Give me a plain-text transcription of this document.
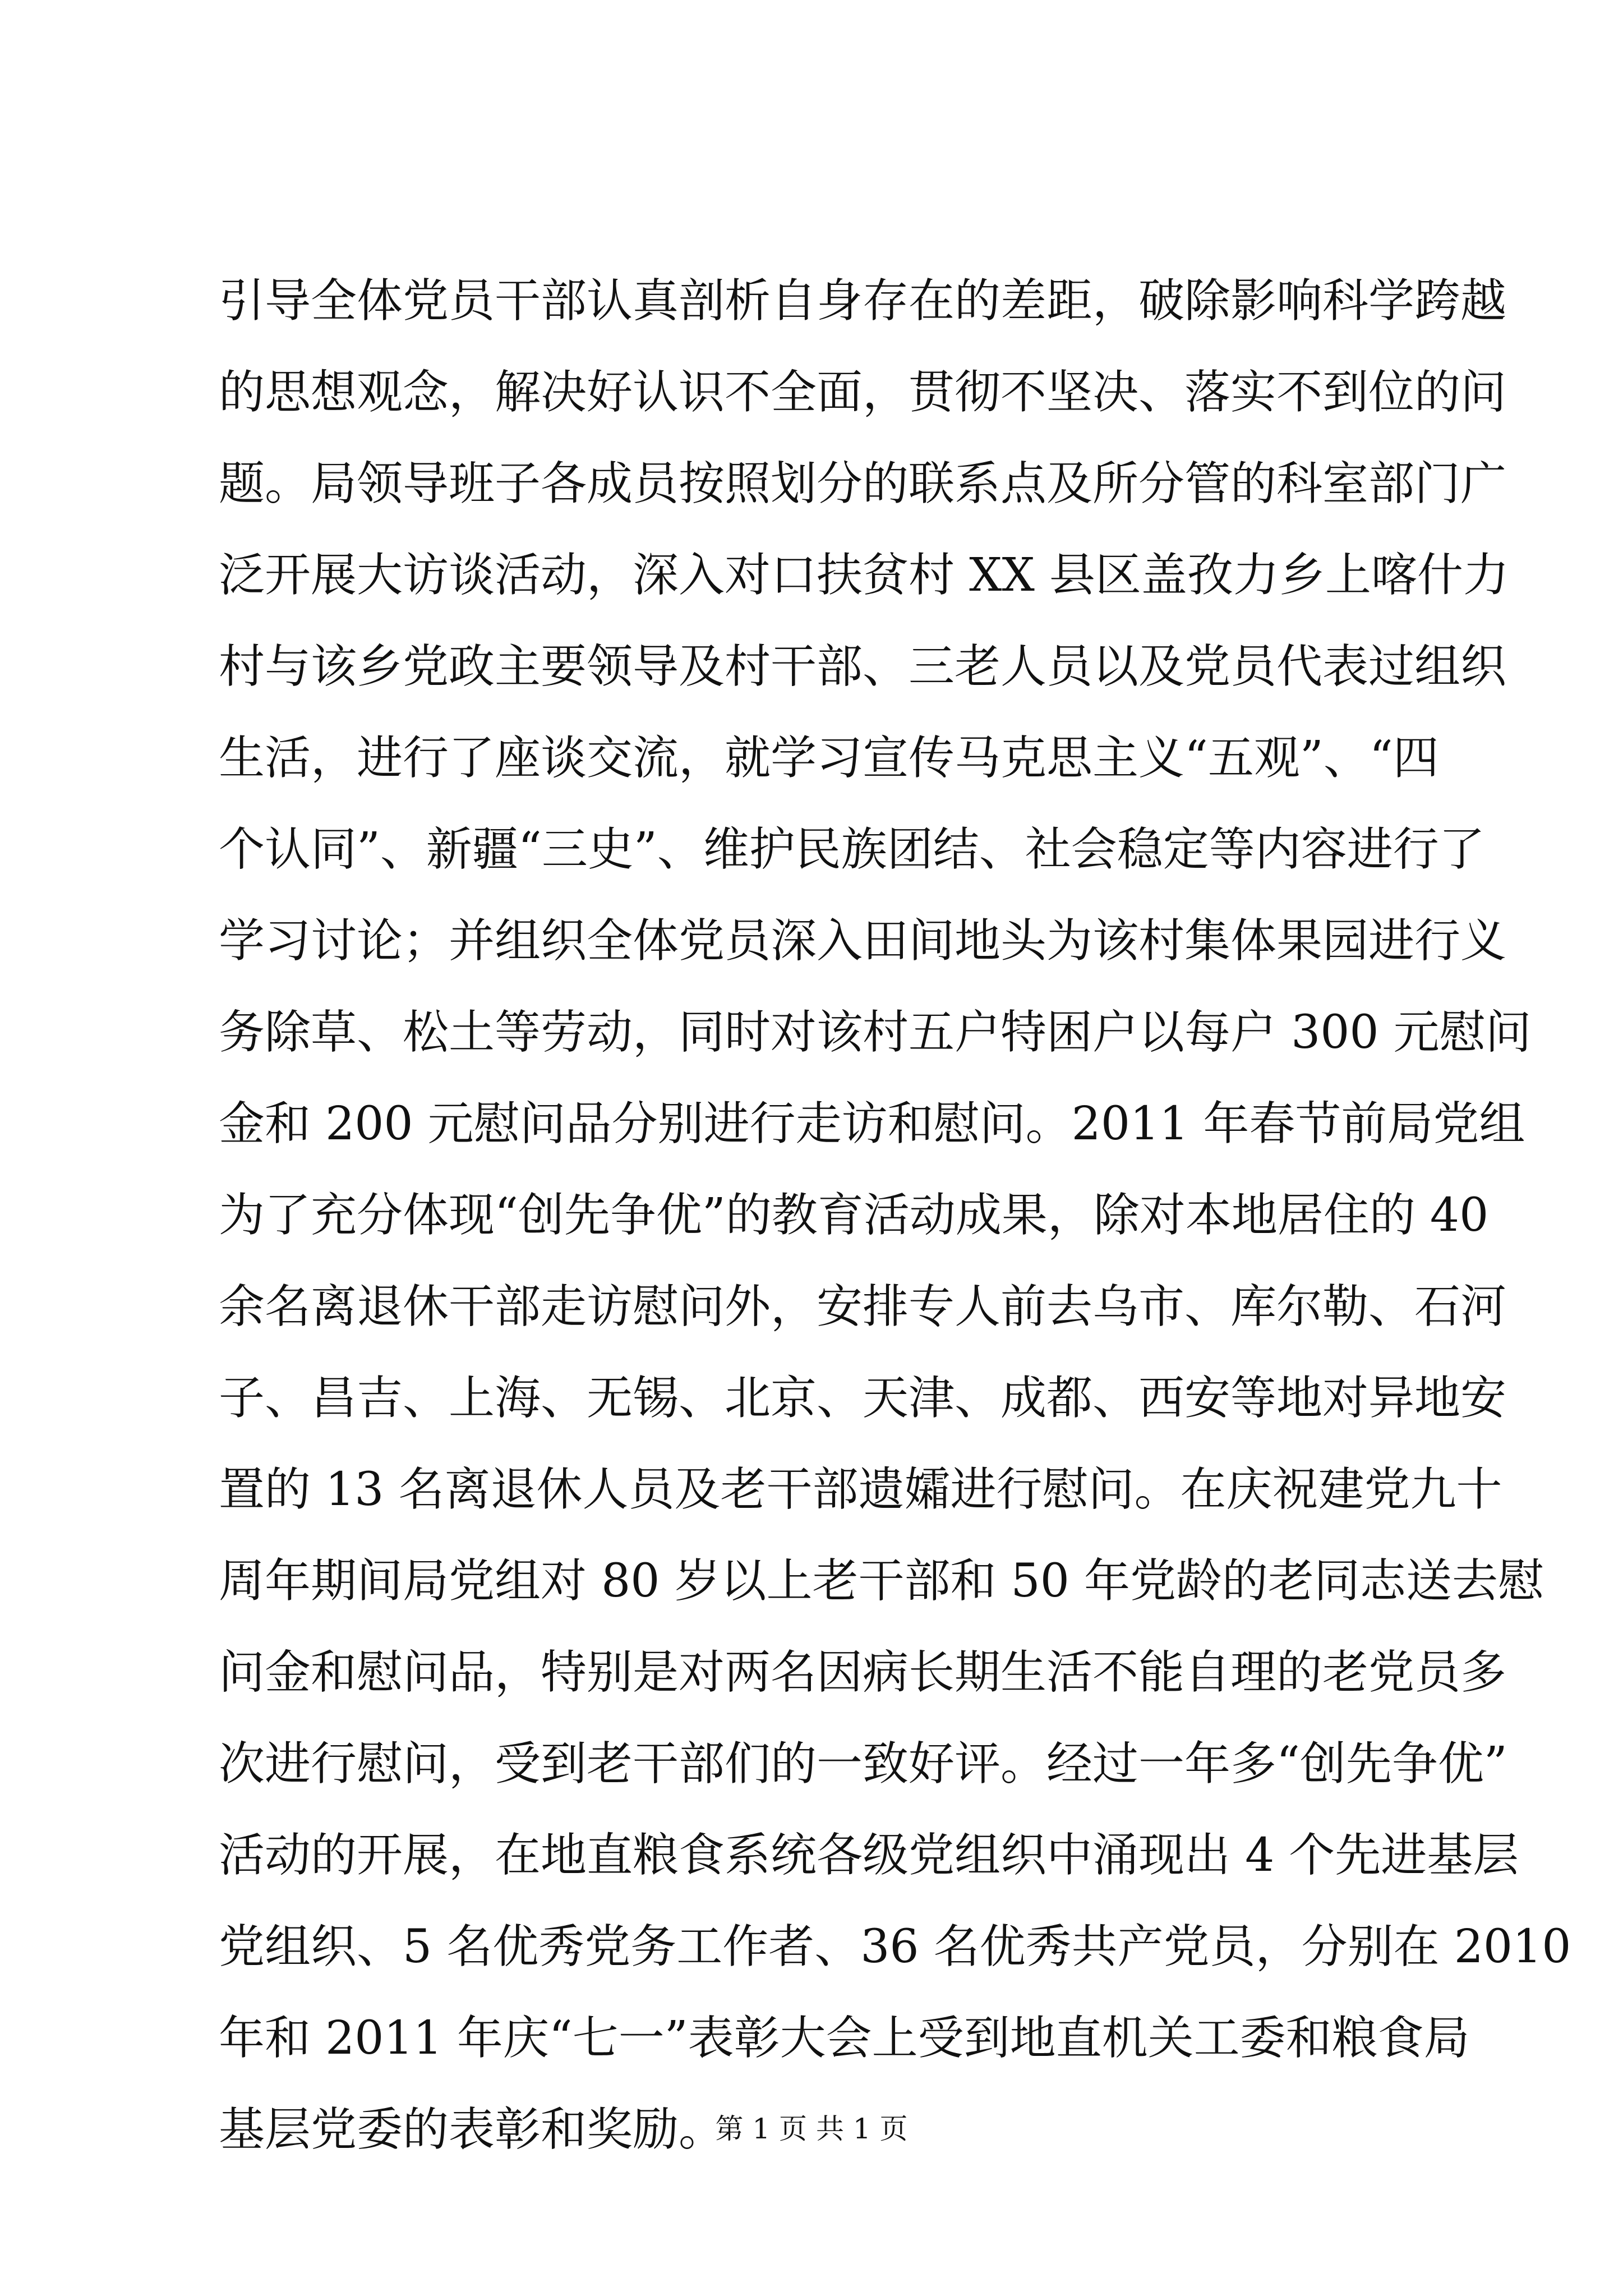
引导全体党员干部认真剖析自身存在的差距，破除影响科学跨越
的思想观念，解决好认识不全面，贯彻不坚决、落实不到位的问
题。局领导班子各成员按照划分的联系点及所分管的科室部门广
泛开展大访谈活动，深入对口扶贫村 XX 县区盖孜力乡上喀什力
村与该乡党政主要领导及村干部、三老人员以及党员代表过组织
生活，进行了座谈交流，就学习宣传马克思主义“五观”、“四
个认同”、新疆“三史”、维护民族团结、社会稳定等内容进行了
学习讨论；并组织全体党员深入田间地头为该村集体果园进行义
务除草、松土等劳动，同时对该村五户特困户以每户 300 元慰问
金和 200 元慰问品分别进行走访和慰问。2011 年春节前局党组
为了充分体现“创先争优”的教育活动成果，除对本地居住的 40
余名离退休干部走访慰问外，安排专人前去乌市、库尔勒、石河
子、昌吉、上海、无锡、北京、天津、成都、西安等地对异地安
置的 13 名离退休人员及老干部遗孀进行慰问。在庆祝建党九十
周年期间局党组对 80 岁以上老干部和 50 年党龄的老同志送去慰
问金和慰问品，特别是对两名因病长期生活不能自理的老党员多
次进行慰问，受到老干部们的一致好评。经过一年多“创先争优”
活动的开展，在地直粮食系统各级党组织中涌现出 4 个先进基层
党组织、5 名优秀党务工作者、36 名优秀共产党员，分别在 2010
年和 2011 年庆“七一”表彰大会上受到地直机关工委和粮食局
基层党委的表彰和奖励。
第 1 页 共 1 页
